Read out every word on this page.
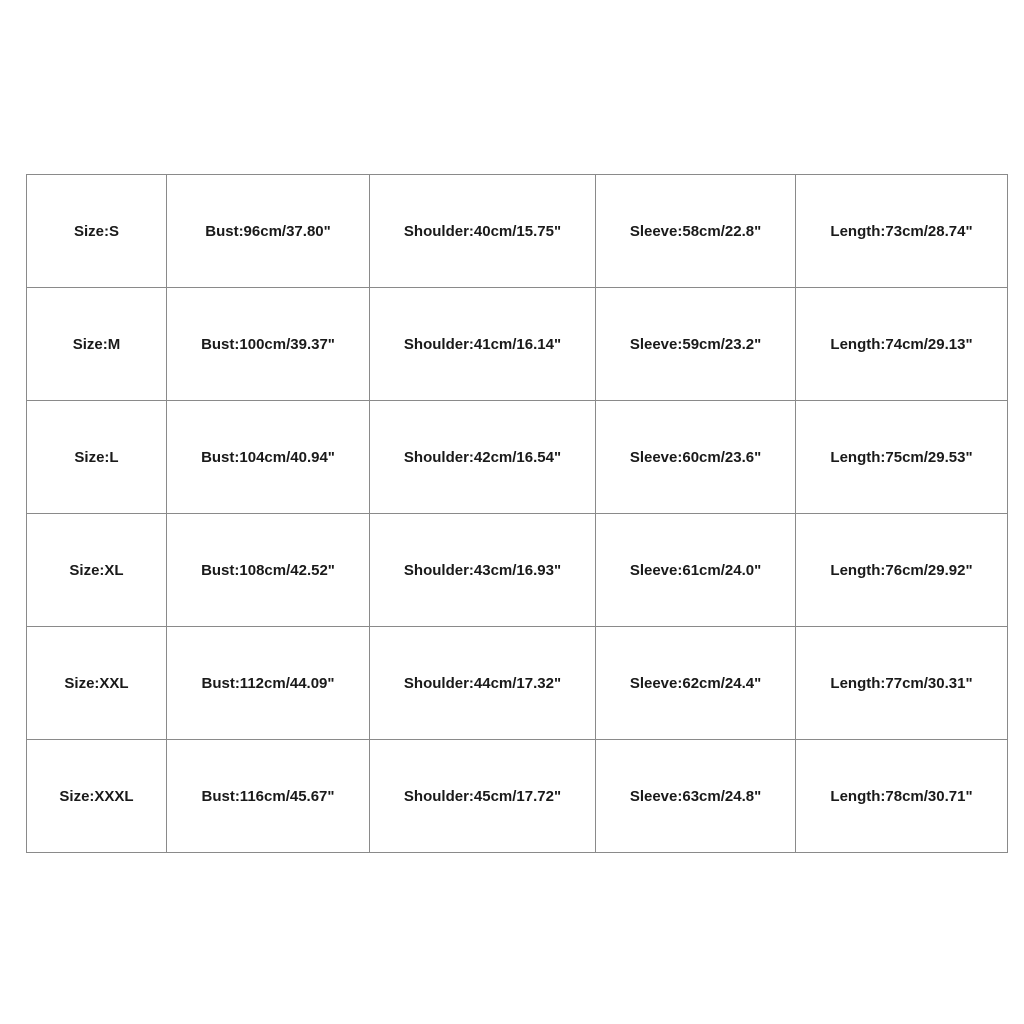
Size:S	Bust:96cm/37.80"	Shoulder:40cm/15.75"	Sleeve:58cm/22.8"	Length:73cm/28.74"
Size:M	Bust:100cm/39.37"	Shoulder:41cm/16.14"	Sleeve:59cm/23.2"	Length:74cm/29.13"
Size:L	Bust:104cm/40.94"	Shoulder:42cm/16.54"	Sleeve:60cm/23.6"	Length:75cm/29.53"
Size:XL	Bust:108cm/42.52"	Shoulder:43cm/16.93"	Sleeve:61cm/24.0"	Length:76cm/29.92"
Size:XXL	Bust:112cm/44.09"	Shoulder:44cm/17.32"	Sleeve:62cm/24.4"	Length:77cm/30.31"
Size:XXXL	Bust:116cm/45.67"	Shoulder:45cm/17.72"	Sleeve:63cm/24.8"	Length:78cm/30.71"
